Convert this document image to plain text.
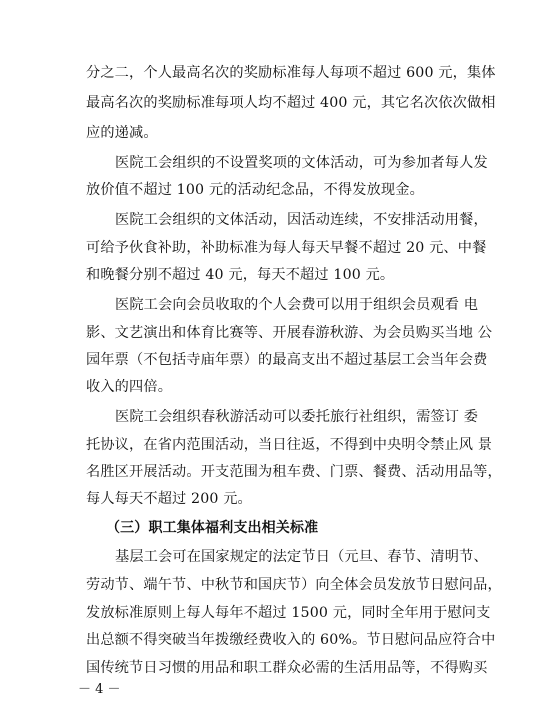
分之二，个人最高名次的奖励标准每人每项不超过 600 元，集体
最高名次的奖励标准每项人均不超过 400 元，其它名次依次做相
应的递减。
医院工会组织的不设置奖项的文体活动，可为参加者每人发
放价值不超过 100 元的活动纪念品，不得发放现金。
医院工会组织的文体活动，因活动连续，不安排活动用餐，
可给予伙食补助，补助标准为每人每天早餐不超过 20 元、中餐
和晚餐分别不超过 40 元，每天不超过 100 元。
医院工会向会员收取的个人会费可以用于组织会员观看 电
影、文艺演出和体育比赛等、开展春游秋游、为会员购买当地 公
园年票（不包括寺庙年票）的最高支出不超过基层工会当年会费
收入的四倍。
医院工会组织春秋游活动可以委托旅行社组织，需签订 委
托协议，在省内范围活动，当日往返，不得到中央明令禁止风 景
名胜区开展活动。开支范围为租车费、门票、餐费、活动用品等，
每人每天不超过 200 元。
（三）职工集体福利支出相关标准
基层工会可在国家规定的法定节日（元旦、春节、清明节、
劳动节、端午节、中秋节和国庆节）向全体会员发放节日慰问品，
发放标准原则上每人每年不超过 1500 元，同时全年用于慰问支
出总额不得突破当年拨缴经费收入的 60%。节日慰问品应符合中
国传统节日习惯的用品和职工群众必需的生活用品等，不得购买
－ 4 －
